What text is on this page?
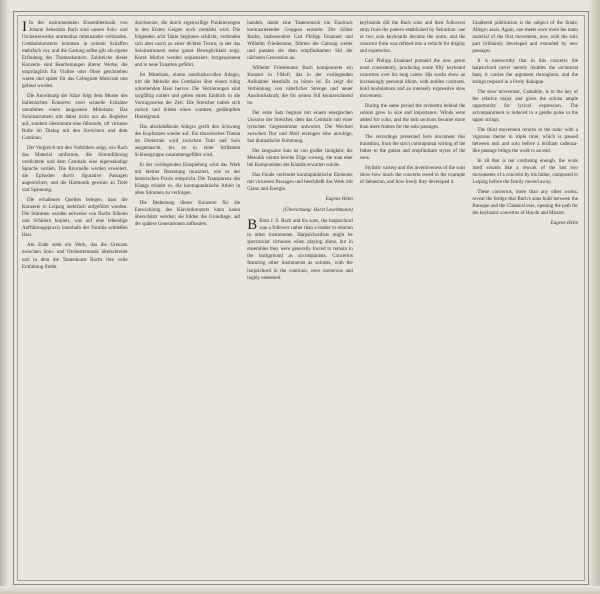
I In der instrumentalen Ensemblemusik von Johann Sebastian Bach sind unsere Solo- und Orchesterwerke untrennbar miteinander verbunden. Cembalokonzerte kommen in seinem Schaffen mehrfach vor, und die Gattung selbst gilt als eigene Erfindung des Thomaskantors. Zahlreiche dieser Konzerte sind Bearbeitungen älterer Werke, die ursprünglich für Violine oder Oboe geschrieben waren und später für das Collegium Musicum neu gefasst wurden.

Die Anordnung der Sätze folgt dem Muster des italienischen Konzerts: zwei schnelle Ecksätze umrahmen einen langsamen Mittelsatz. Das Soloinstrument tritt dabei nicht nur als Begleiter auf, sondern übernimmt eine führende, oft virtuose Rolle im Dialog mit den Streichern und dem Continuo.

Der Vergleich mit den Vorbildern zeigt, wie Bach das Material umformte, die Stimmführung verdichtete und dem Cembalo eine eigenständige Sprache verlieh. Die Ritornelle werden erweitert, die Episoden durch figurative Passagen angereichert, und die Harmonik gewinnt an Tiefe und Spannung.

Die erhaltenen Quellen belegen, dass die Konzerte in Leipzig mehrfach aufgeführt wurden. Die Stimmen wurden teilweise von Bachs Söhnen und Schülern kopiert, was auf eine lebendige Aufführungspraxis innerhalb der Familie schließen lässt.

Am Ende steht ein Werk, das die Grenzen zwischen Solo- und Orchestermusik überschreitet und in dem die Tastenkunst Bachs ihre volle Entfaltung findet.

durchsetzte, die durch eigenwillige Punktierungen in den Ersten Geigen noch verstärkt wird. Die folgenden acht Takte beginnen schlicht, verbinden sich aber rasch zu einer dichten Textur, in der das Soloinstrument seine ganze Beweglichkeit zeigt. Kurze Motive werden sequenziert, fortgesponnen und in neue Tonarten geführt.

Im Mittelsatz, einem ausdrucksvollen Adagio, tritt die Melodie des Cembalos über einem ruhig schreitenden Bass hervor. Die Verzierungen sind sorgfältig notiert und geben einen Einblick in die Vortragsweise der Zeit. Die Streicher halten sich zurück und bilden einen warmen, gedämpften Hintergrund.

Das abschließende Allegro greift den Schwung des Kopfsatzes wieder auf. Ein tänzerisches Thema im Dreiertakt wird zwischen Tutti und Solo ausgetauscht, bis es in einer brillanten Schlussgruppe zusammengeführt wird.

In der vorliegenden Einspielung wird das Werk mit kleiner Besetzung musiziert, wie es der historischen Praxis entspricht. Die Transparenz des Klangs erlaubt es, die kontrapunktische Arbeit in allen Stimmen zu verfolgen.

Die Bedeutung dieser Konzerte für die Entwicklung des Klavierkonzerts kann kaum überschätzt werden; sie bilden die Grundlage, auf der spätere Generationen aufbauten.

handelt, damit eine Tastenmusik ein Eindruck kontrastierender Gruppen entsteht. Die Söhne Bachs, insbesondere Carl Philipp Emanuel und Wilhelm Friedemann, führten die Gattung weiter und passten sie dem empfindsamen Stil der nächsten Generation an.

Wilhelm Friedemann Bach komponierte ein Konzert in f-Moll, das in der vorliegenden Aufnahme ebenfalls zu hören ist. Es zeigt die Verbindung von väterlicher Strenge und neuer Ausdruckskraft, die für seinen Stil kennzeichnend ist.

Der erste Satz beginnt mit einem energischen Unisono der Streicher, dem das Cembalo mit einer lyrischen Gegenstimme antwortet. Die Wechsel zwischen Dur und Moll erzeugen eine unruhige, fast dramatische Stimmung.

Der langsame Satz ist von großer Innigkeit; die Melodik nimmt bereits Züge vorweg, die man eher bei Komponisten der Klassik erwarten würde.

Das Finale verbindet kontrapunktische Elemente mit virtuosen Passagen und beschließt das Werk mit Glanz und Energie.

Eugene Helm
(Übersetzung: Horst Leuchtmann)

B Both J. S. Bach and his sons, the harpsichord was a follower rather than a leader in relation to other instruments. Harpsichordists might be spectacular virtuosos when playing alone, but in ensembles they were generally forced to remain in the background as accompanists. Concertos featuring other instruments as soloists, with the harpsichord in the continuo, were numerous and highly esteemed.

keyboards did the Bach sons and their followers stray from the pattern established by Sebastian: one or two solo keyboards became the norm, and the concerto form was refined into a vehicle for display and expression.

Carl Philipp Emanuel pursued the new genre most consistently, producing some fifty keyboard concertos over his long career. His works show an increasingly personal idiom, with sudden contrasts, bold modulations and an intensely expressive slow movement.

During the same period the orchestra behind the soloist grew in size and importance. Winds were added for color, and the tutti sections became more than mere frames for the solo passages.

The recordings presented here document this transition, from the strict contrapuntal writing of the father to the galant and empfindsam styles of the sons.

Stylistic variety and the inventiveness of the sons show how much the concerto owed to the example of Sebastian, and how freely they developed it.

Unaltered publication is the subject of the finale, Allegro assai. Again, one meets once more the main material of the first movement, now with the solo part brilliantly developed and extended by new passages.

It is noteworthy that in this concerto the harpsichord never merely doubles the orchestral bass; it carries the argument throughout, and the strings respond in a lively dialogue.

The slow movement, Cantabile, is in the key of the relative major and gives the soloist ample opportunity for lyrical expression. The accompaniment is reduced to a gentle pulse in the upper strings.

The third movement returns to the tonic with a vigorous theme in triple time, which is passed between tutti and solo before a brilliant cadenza-like passage brings the work to an end.

In all that is not confusing enough, the work itself sounds like a rework of the last two movements of a concerto by his father, composed in Leipzig before the family moved away.

These concertos, more than any other works, reveal the bridge that Bach's sons built between the Baroque and the Classical eras, opening the path for the keyboard concertos of Haydn and Mozart.

Eugene Helm
